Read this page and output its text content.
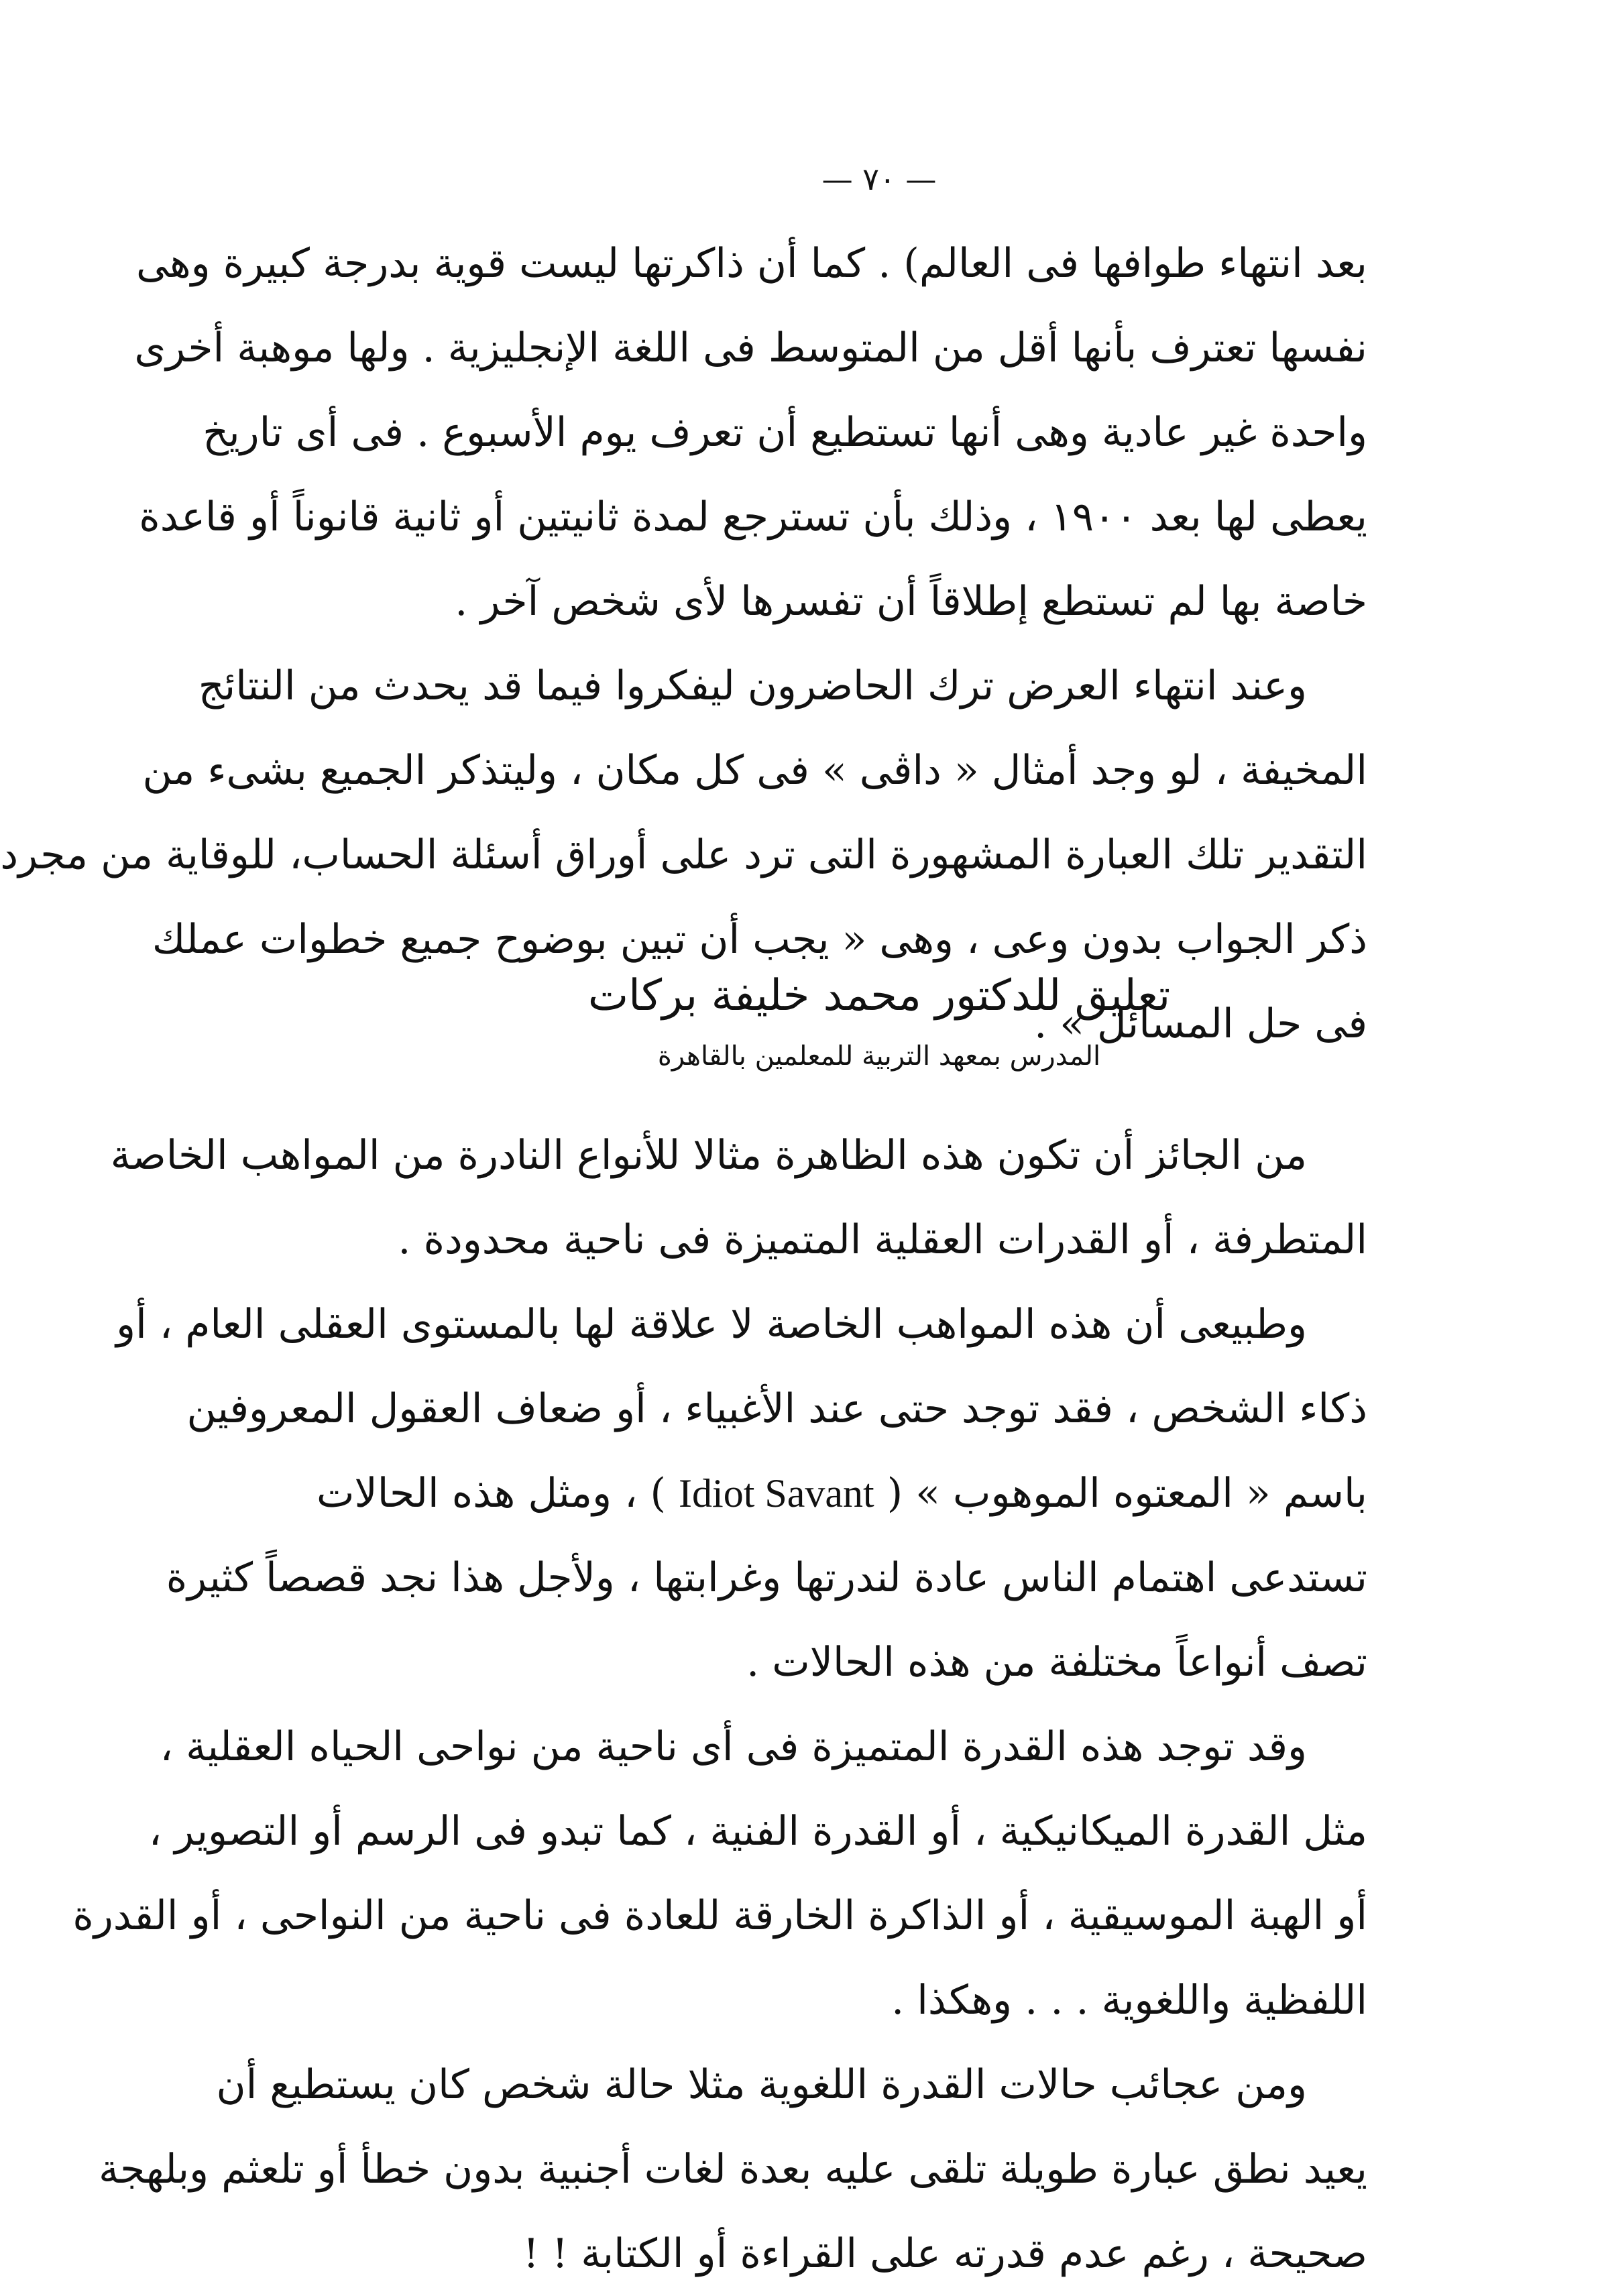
— ٧٠ —
بعد انتهاء طوافها فى العالم) . كما أن ذاكرتها ليست قوية بدرجة كبيرة وهى
نفسها تعترف بأنها أقل من المتوسط فى اللغة الإنجليزية . ولها موهبة أخرى
واحدة غير عادية وهى أنها تستطيع أن تعرف يوم الأسبوع . فى أى تاريخ
يعطى لها بعد ١٩٠٠ ، وذلك بأن تسترجع لمدة ثانيتين أو ثانية قانوناً أو قاعدة
خاصة بها لم تستطع إطلاقاً أن تفسرها لأى شخص آخر .
وعند انتهاء العرض ترك الحاضرون ليفكروا فيما قد يحدث من النتائج
المخيفة ، لو وجد أمثال « داڤى » فى كل مكان ، وليتذكر الجميع بشىء من
التقدير تلك العبارة المشهورة التى ترد على أوراق أسئلة الحساب، للوقاية من مجرد
ذكر الجواب بدون وعى ، وهى « يجب أن تبين بوضوح جميع خطوات عملك
فى حل المسائل » .
تعليق للدكتور محمد خليفة بركات
المدرس بمعهد التربية للمعلمين بالقاهرة
من الجائز أن تكون هذه الظاهرة مثالا للأنواع النادرة من المواهب الخاصة
المتطرفة ، أو القدرات العقلية المتميزة فى ناحية محدودة .
وطبيعى أن هذه المواهب الخاصة لا علاقة لها بالمستوى العقلى العام ، أو
ذكاء الشخص ، فقد توجد حتى عند الأغبياء ، أو ضعاف العقول المعروفين
باسم « المعتوه الموهوب » ( Idiot Savant ) ، ومثل هذه الحالات
تستدعى اهتمام الناس عادة لندرتها وغرابتها ، ولأجل هذا نجد قصصاً كثيرة
تصف أنواعاً مختلفة من هذه الحالات .
وقد توجد هذه القدرة المتميزة فى أى ناحية من نواحى الحياه العقلية ،
مثل القدرة الميكانيكية ، أو القدرة الفنية ، كما تبدو فى الرسم أو التصوير ،
أو الهبة الموسيقية ، أو الذاكرة الخارقة للعادة فى ناحية من النواحى ، أو القدرة
اللفظية واللغوية . . . وهكذا .
ومن عجائب حالات القدرة اللغوية مثلا حالة شخص كان يستطيع أن
يعيد نطق عبارة طويلة تلقى عليه بعدة لغات أجنبية بدون خطأ أو تلعثم وبلهجة
صحيحة ، رغم عدم قدرته على القراءة أو الكتابة ! !
